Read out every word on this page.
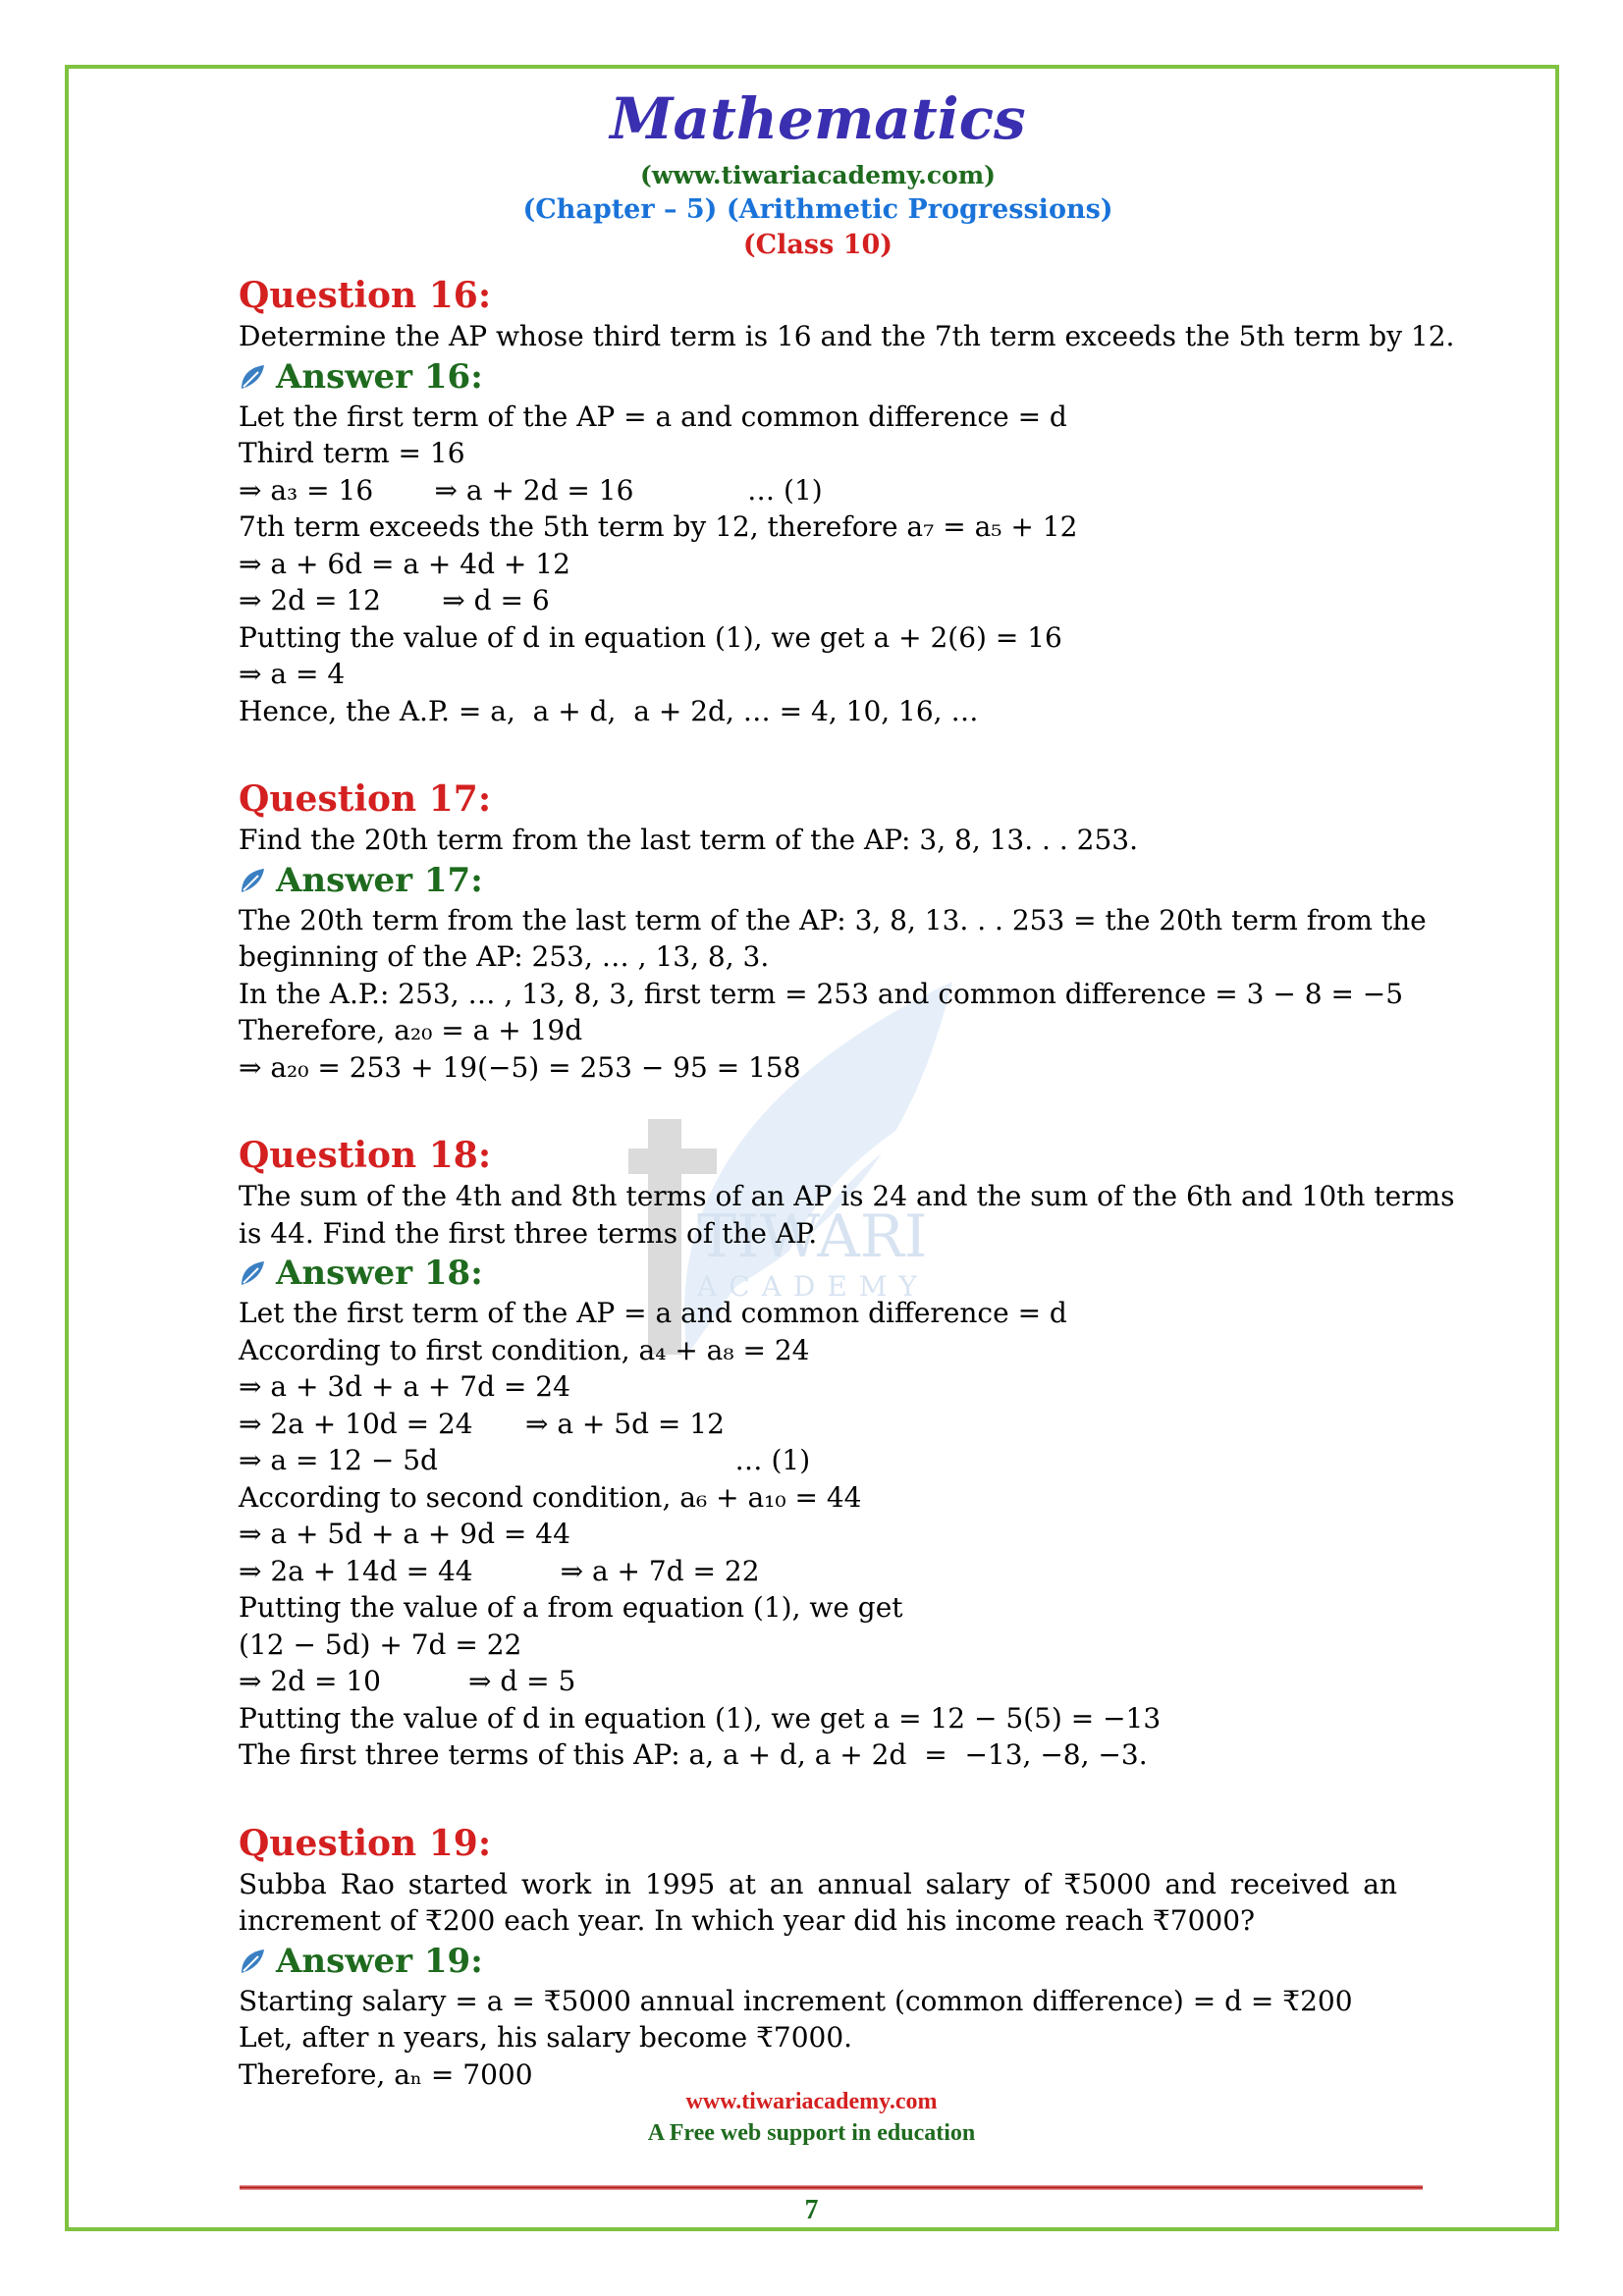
TIWARI
ACADEMY
Mathematics
(www.tiwariacademy.com)
(Chapter – 5) (Arithmetic Progressions)
(Class 10)
Question 16:
Determine the AP whose third term is 16 and the 7th term exceeds the 5th term by 12.
Answer 16:
Let the first term of the AP = a and common difference = d
Third term = 16
⇒ a₃ = 16       ⇒ a + 2d = 16             … (1)
7th term exceeds the 5th term by 12, therefore a₇ = a₅ + 12
⇒ a + 6d = a + 4d + 12
⇒ 2d = 12       ⇒ d = 6
Putting the value of d in equation (1), we get a + 2(6) = 16
⇒ a = 4
Hence, the A.P. = a,  a + d,  a + 2d, … = 4, 10, 16, …
Question 17:
Find the 20th term from the last term of the AP: 3, 8, 13. . . 253.
Answer 17:
The 20th term from the last term of the AP: 3, 8, 13. . . 253 = the 20th term from the
beginning of the AP: 253, … , 13, 8, 3.
In the A.P.: 253, … , 13, 8, 3, first term = 253 and common difference = 3 − 8 = −5
Therefore, a₂₀ = a + 19d
⇒ a₂₀ = 253 + 19(−5) = 253 − 95 = 158
Question 18:
The sum of the 4th and 8th terms of an AP is 24 and the sum of the 6th and 10th terms
is 44. Find the first three terms of the AP.
Answer 18:
Let the first term of the AP = a and common difference = d
According to first condition, a₄ + a₈ = 24
⇒ a + 3d + a + 7d = 24
⇒ 2a + 10d = 24      ⇒ a + 5d = 12
⇒ a = 12 − 5d                                  … (1)
According to second condition, a₆ + a₁₀ = 44
⇒ a + 5d + a + 9d = 44
⇒ 2a + 14d = 44          ⇒ a + 7d = 22
Putting the value of a from equation (1), we get
(12 − 5d) + 7d = 22
⇒ 2d = 10          ⇒ d = 5
Putting the value of d in equation (1), we get a = 12 − 5(5) = −13
The first three terms of this AP: a, a + d, a + 2d  =  −13, −8, −3.
Question 19:
Subba Rao started work in 1995 at an annual salary of ₹5000 and received an increment of ₹200 each year. In which year did his income reach ₹7000?
Answer 19:
Starting salary = a = ₹5000 annual increment (common difference) = d = ₹200
Let, after n years, his salary become ₹7000.
Therefore, aₙ = 7000
www.tiwariacademy.com
A Free web support in education
7
